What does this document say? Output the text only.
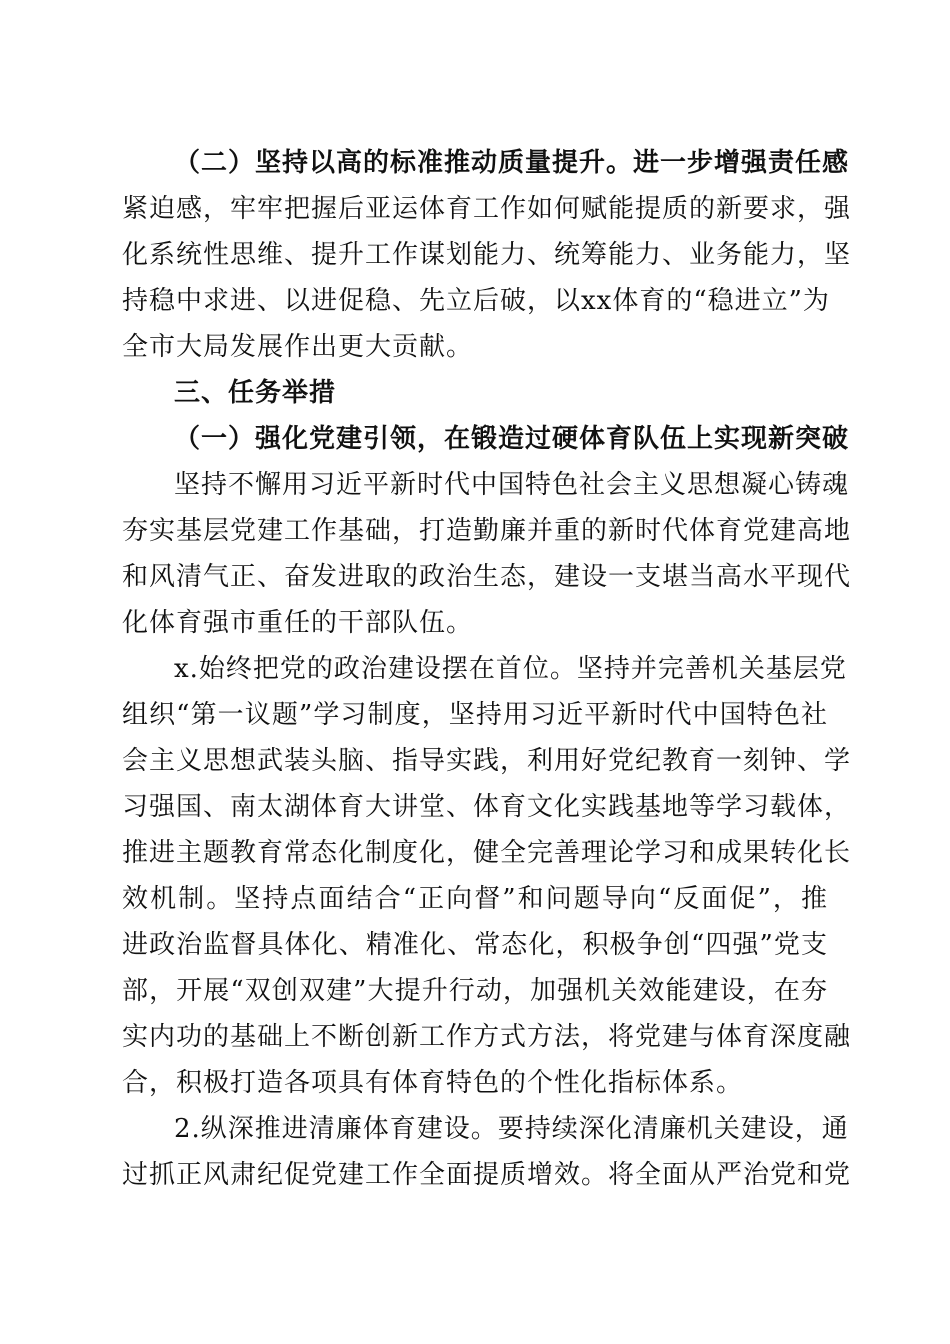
（二）坚持以高的标准推动质量提升。进一步增强责任感
紧迫感，牢牢把握后亚运体育工作如何赋能提质的新要求，强
化系统性思维、提升工作谋划能力、统筹能力、业务能力，坚
持稳中求进、以进促稳、先立后破，以xx体育的“稳进立”为
全市大局发展作出更大贡献。
三、任务举措
（一）强化党建引领，在锻造过硬体育队伍上实现新突破
坚持不懈用习近平新时代中国特色社会主义思想凝心铸魂
夯实基层党建工作基础，打造勤廉并重的新时代体育党建高地
和风清气正、奋发进取的政治生态，建设一支堪当高水平现代
化体育强市重任的干部队伍。
x.始终把党的政治建设摆在首位。坚持并完善机关基层党
组织“第一议题”学习制度，坚持用习近平新时代中国特色社
会主义思想武装头脑、指导实践，利用好党纪教育一刻钟、学
习强国、南太湖体育大讲堂、体育文化实践基地等学习载体，
推进主题教育常态化制度化，健全完善理论学习和成果转化长
效机制。坚持点面结合“正向督”和问题导向“反面促”，推
进政治监督具体化、精准化、常态化，积极争创“四强”党支
部，开展“双创双建”大提升行动，加强机关效能建设，在夯
实内功的基础上不断创新工作方式方法，将党建与体育深度融
合，积极打造各项具有体育特色的个性化指标体系。
2.纵深推进清廉体育建设。要持续深化清廉机关建设，通
过抓正风肃纪促党建工作全面提质增效。将全面从严治党和党
